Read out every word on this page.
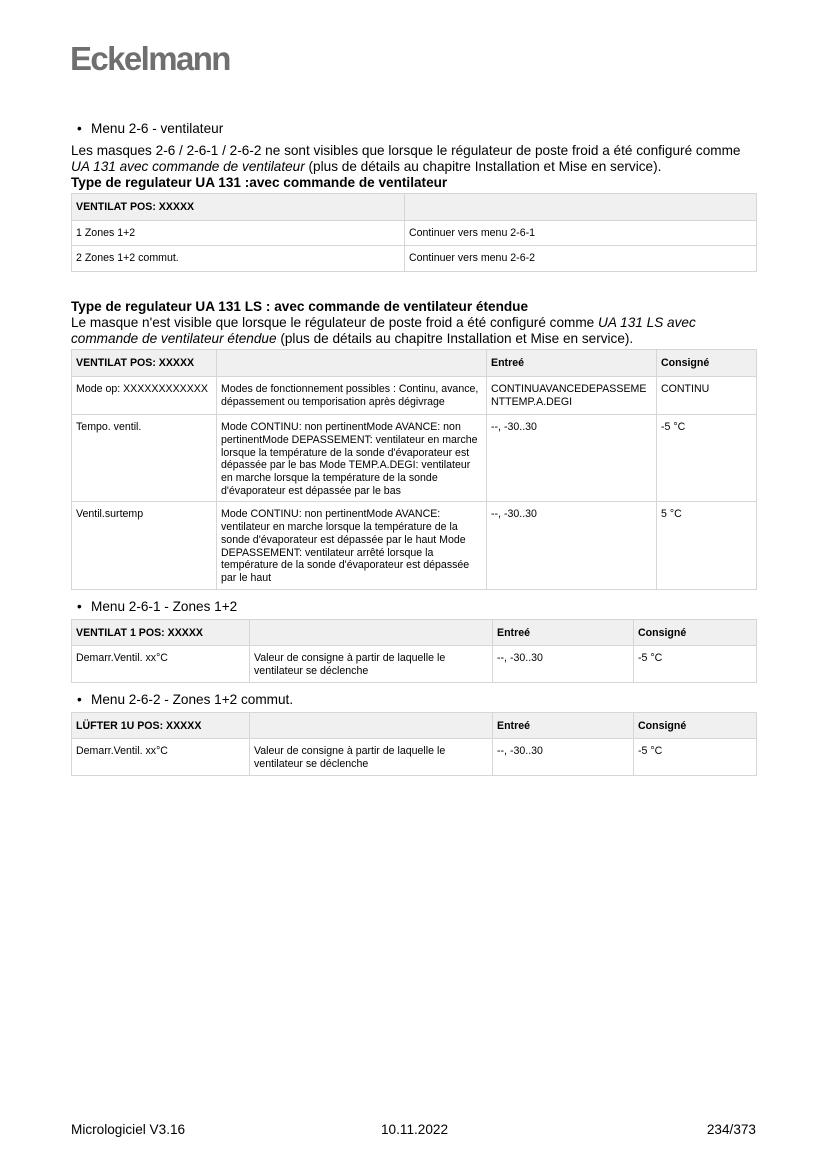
Eckelmann

• Menu 2-6 - ventilateur

Les masques 2-6 / 2-6-1 / 2-6-2 ne sont visibles que lorsque le régulateur de poste froid a été configuré comme UA 131 avec commande de ventilateur (plus de détails au chapitre Installation et Mise en service).

Type de regulateur UA 131 :avec commande de ventilateur

VENTILAT POS: XXXXX	
1 Zones 1+2	Continuer vers menu 2-6-1
2 Zones 1+2 commut.	Continuer vers menu 2-6-2

Type de regulateur UA 131 LS : avec commande de ventilateur étendue

Le masque n'est visible que lorsque le régulateur de poste froid a été configuré comme UA 131 LS avec commande de ventilateur étendue (plus de détails au chapitre Installation et Mise en service).

VENTILAT POS: XXXXX		Entreé	Consigné
Mode op: XXXXXXXXXXXX	Modes de fonctionnement possibles : Continu, avance, dépassement ou temporisation après dégivrage	CONTINUAVANCEDEPASSEMENTTEMP.A.DEGI	CONTINU
Tempo. ventil.	Mode CONTINU: non pertinentMode AVANCE: non pertinentMode DEPASSEMENT: ventilateur en marche lorsque la température de la sonde d'évaporateur est dépassée par le bas Mode TEMP.A.DEGI: ventilateur en marche lorsque la température de la sonde d'évaporateur est dépassée par le bas	--, -30..30	-5 °C
Ventil.surtemp	Mode CONTINU: non pertinentMode AVANCE: ventilateur en marche lorsque la température de la sonde d'évaporateur est dépassée par le haut Mode DEPASSEMENT: ventilateur arrêté lorsque la température de la sonde d'évaporateur est dépassée par le haut	--, -30..30	5 °C

• Menu 2-6-1 - Zones 1+2

VENTILAT 1 POS: XXXXX		Entreé	Consigné
Demarr.Ventil. xx°C	Valeur de consigne à partir de laquelle le ventilateur se déclenche	--, -30..30	-5 °C

• Menu 2-6-2 - Zones 1+2 commut.

LÜFTER 1U POS: XXXXX		Entreé	Consigné
Demarr.Ventil. xx°C	Valeur de consigne à partir de laquelle le ventilateur se déclenche	--, -30..30	-5 °C
Micrologiciel V3.16	10.11.2022	234/373
